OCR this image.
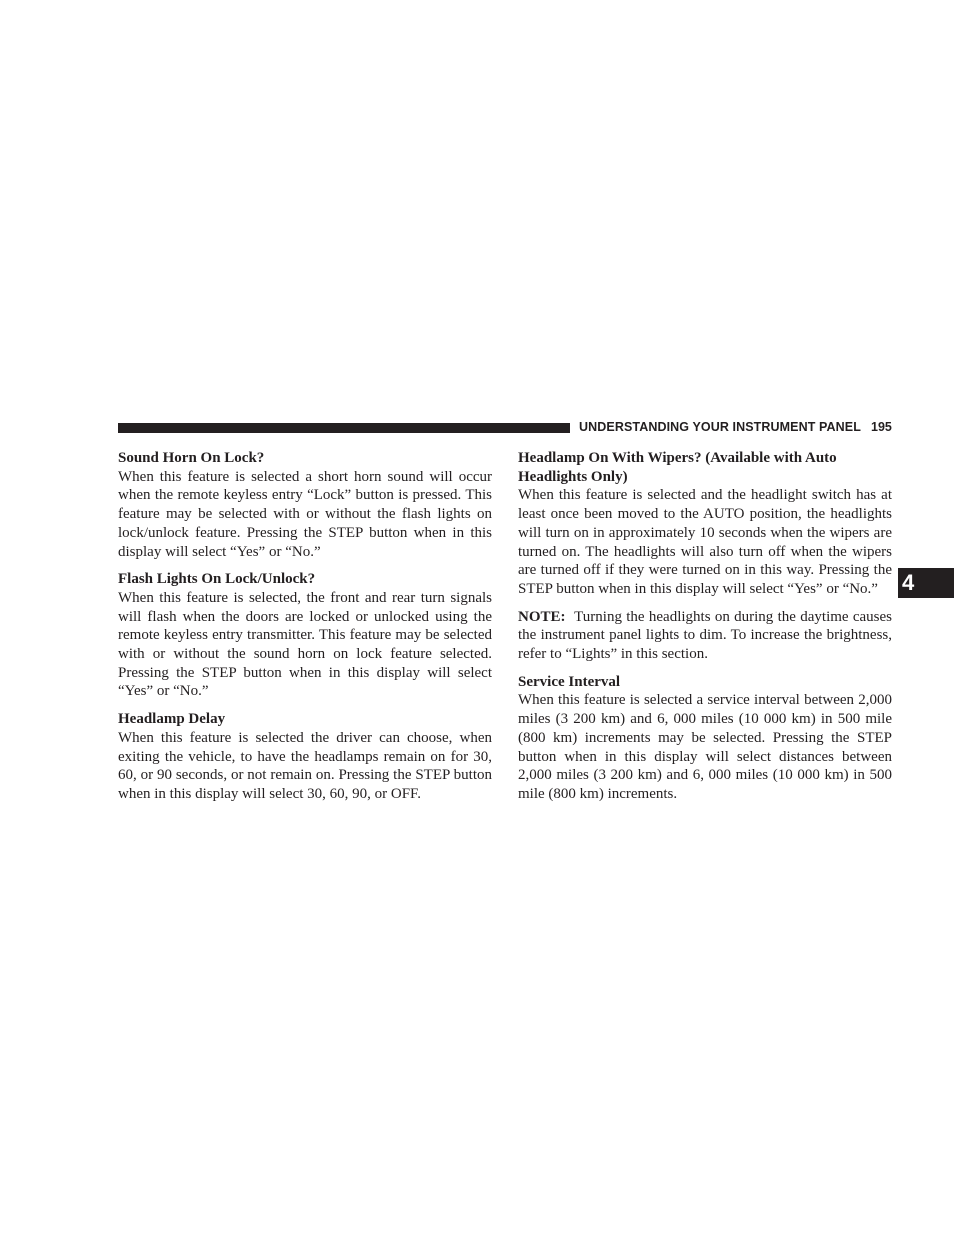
UNDERSTANDING YOUR INSTRUMENT PANEL 195
4

Sound Horn On Lock?

When this feature is selected a short horn sound will occur when the remote keyless entry “Lock” button is pressed. This feature may be selected with or without the flash lights on lock/unlock feature. Pressing the STEP button when in this display will select “Yes” or “No.”

Flash Lights On Lock/Unlock?

When this feature is selected, the front and rear turn signals will flash when the doors are locked or unlocked using the remote keyless entry transmitter. This feature may be selected with or without the sound horn on lock feature selected. Pressing the STEP button when in this display will select “Yes” or “No.”

Headlamp Delay

When this feature is selected the driver can choose, when exiting the vehicle, to have the headlamps remain on for 30, 60, or 90 seconds, or not remain on. Pressing the STEP button when in this display will select 30, 60, 90, or OFF.

Headlamp On With Wipers? (Available with Auto Headlights Only)

When this feature is selected and the headlight switch has at least once been moved to the AUTO position, the headlights will turn on in approximately 10 seconds when the wipers are turned on. The headlights will also turn off when the wipers are turned off if they were turned on in this way. Pressing the STEP button when in this display will select “Yes” or “No.”

NOTE: Turning the headlights on during the daytime causes the instrument panel lights to dim. To increase the brightness, refer to “Lights” in this section.

Service Interval

When this feature is selected a service interval between 2,000 miles (3 200 km) and 6, 000 miles (10 000 km) in 500 mile (800 km) increments may be selected. Pressing the STEP button when in this display will select distances between 2,000 miles (3 200 km) and 6, 000 miles (10 000 km) in 500 mile (800 km) increments.
